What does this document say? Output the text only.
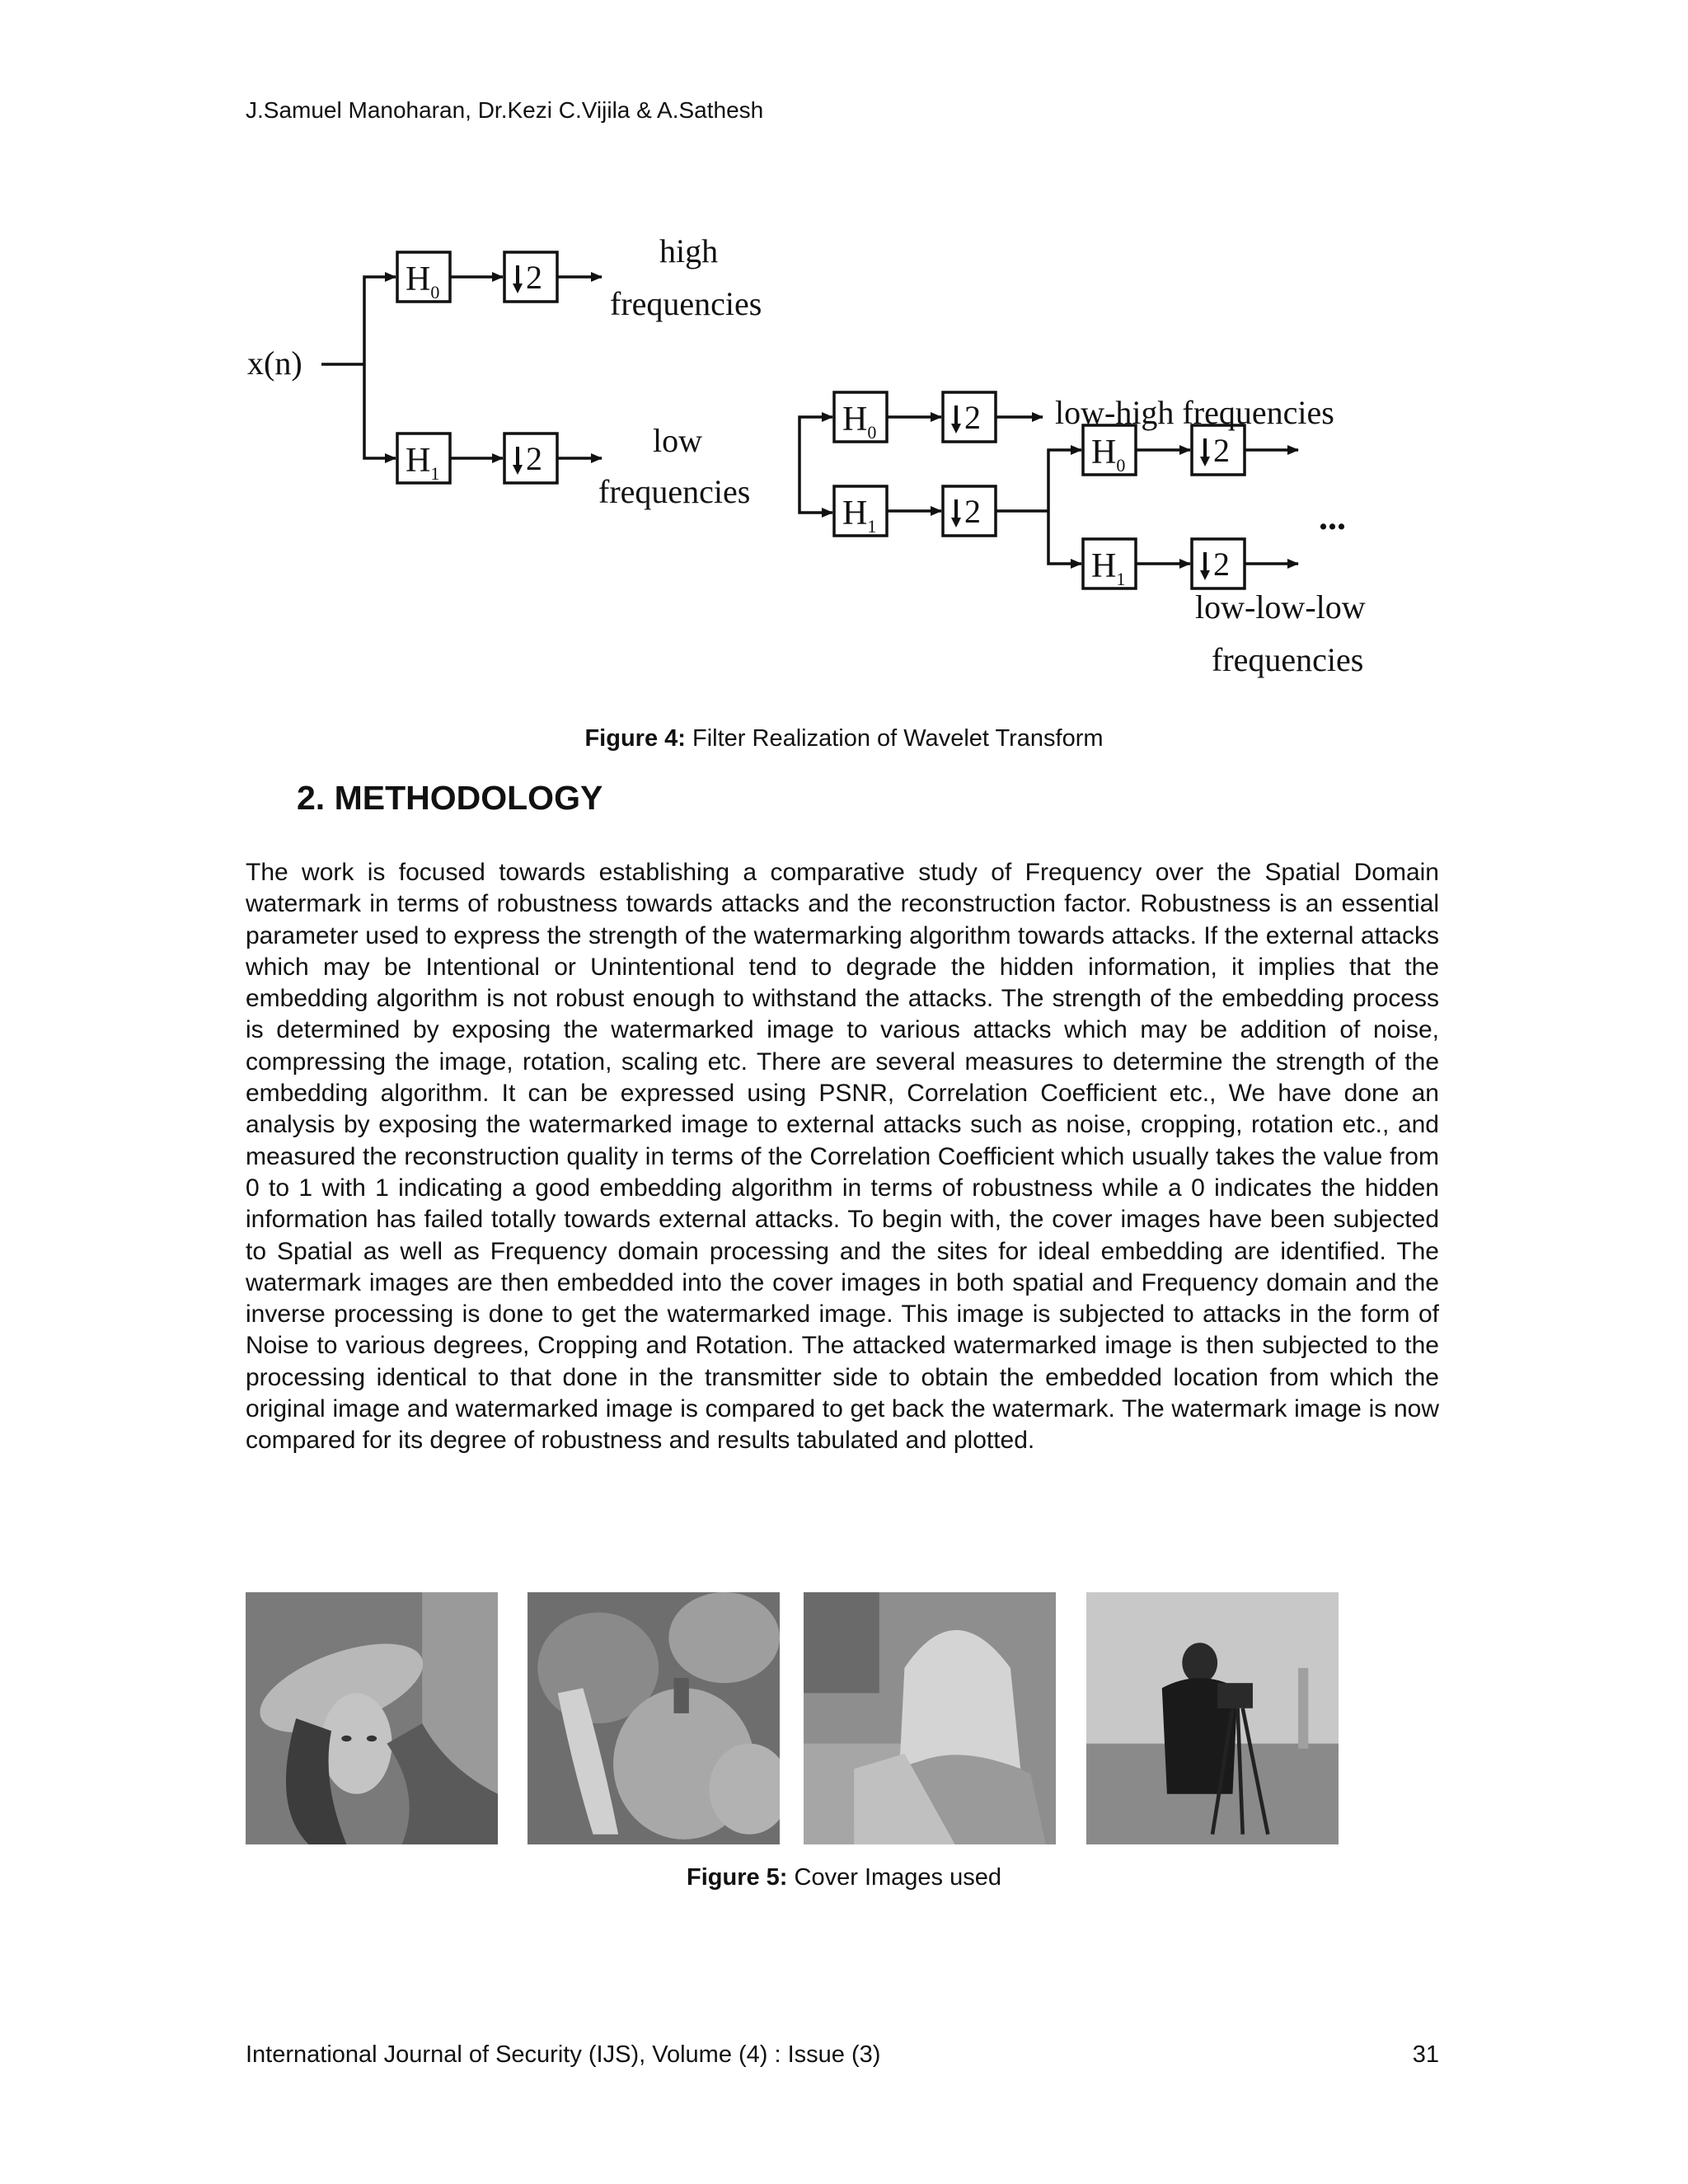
J.Samuel Manoharan, Dr.Kezi C.Vijila & A.Sathesh
$H_0$
$H_1$
$H_0$
$H_1$
$H_0$
$H_1$
2
2
2
2
2
2
x(n)
high
frequencies
low
frequencies
low-high frequencies
...
low-low-low
frequencies
Figure 4: Filter Realization of Wavelet Transform
2. METHODOLOGY
The work is focused towards establishing a comparative study of Frequency over the Spatial Domain watermark in terms of robustness towards attacks and the reconstruction factor. Robustness is an essential parameter used to express the strength of the watermarking algorithm towards attacks. If the external attacks which may be Intentional or Unintentional tend to degrade the hidden information, it implies that the embedding algorithm is not robust enough to withstand the attacks. The strength of the embedding process is determined by exposing the watermarked image to various attacks which may be addition of noise, compressing the image, rotation, scaling etc. There are several measures to determine the strength of the embedding algorithm. It can be expressed using PSNR, Correlation Coefficient etc., We have done an analysis by exposing the watermarked image to external attacks such as noise, cropping, rotation etc., and measured the reconstruction quality in terms of the Correlation Coefficient which usually takes the value from 0 to 1 with 1 indicating a good embedding algorithm in terms of robustness while a 0 indicates the hidden information has failed totally towards external attacks. To begin with, the cover images have been subjected to Spatial as well as Frequency domain processing and the sites for ideal embedding are identified. The watermark images are then embedded into the cover images in both spatial and Frequency domain and the inverse processing is done to get the watermarked image. This image is subjected to attacks in the form of Noise to various degrees, Cropping and Rotation. The attacked watermarked image is then subjected to the processing identical to that done in the transmitter side to obtain the embedded location from which the original image and watermarked image is compared to get back the watermark. The watermark image is now compared for its degree of robustness and results tabulated and plotted.
Figure 5: Cover Images used
International Journal of Security (IJS), Volume (4) : Issue (3)	31
